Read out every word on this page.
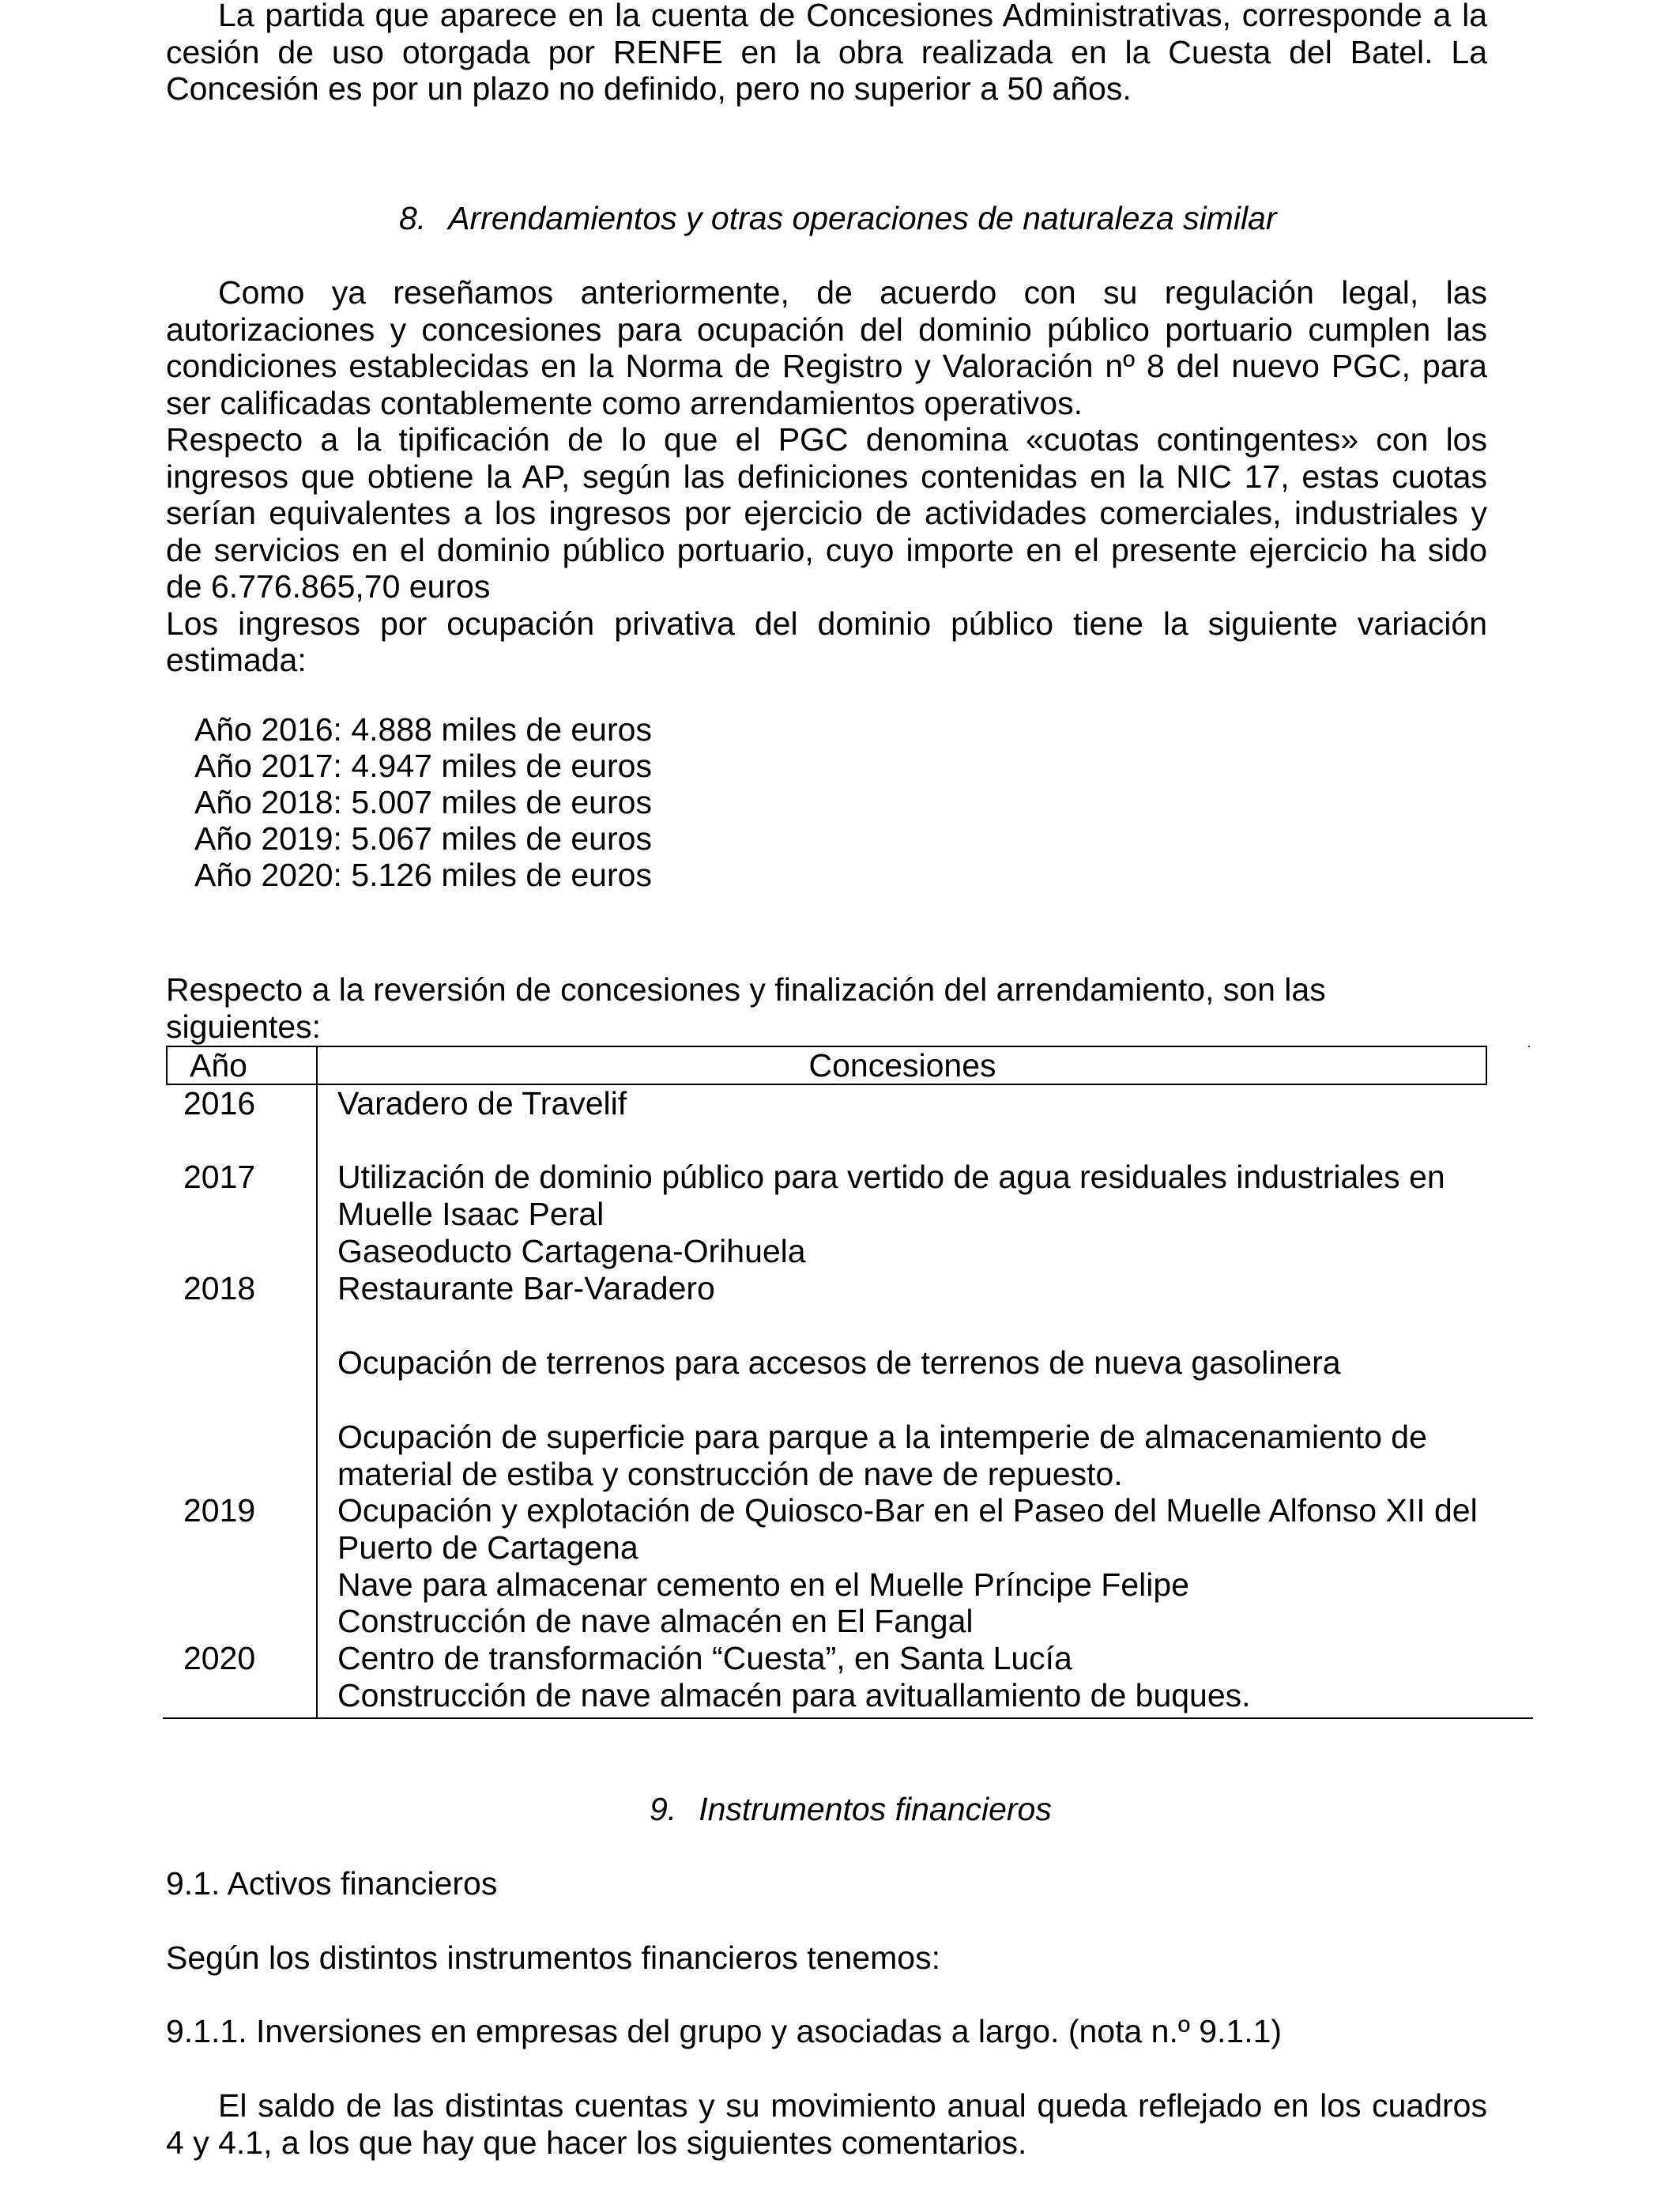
La partida que aparece en la cuenta de Concesiones Administrativas, corresponde a la

cesión de uso otorgada por RENFE en la obra realizada en la Cuesta del Batel. La

Concesión es por un plazo no definido, pero no superior a 50 años.

8. Arrendamientos y otras operaciones de naturaleza similar

Como ya reseñamos anteriormente, de acuerdo con su regulación legal, las autorizaciones y concesiones para ocupación del dominio público portuario cumplen las condiciones establecidas en la Norma de Registro y Valoración nº 8 del nuevo PGC, para ser calificadas contablemente como arrendamientos operativos.

Respecto a la tipificación de lo que el PGC denomina «cuotas contingentes» con los ingresos que obtiene la AP, según las definiciones contenidas en la NIC 17, estas cuotas serían equivalentes a los ingresos por ejercicio de actividades comerciales, industriales y de servicios en el dominio público portuario, cuyo importe en el presente ejercicio ha sido de 6.776.865,70 euros

Los ingresos por ocupación privativa del dominio público tiene la siguiente variación estimada:

Año 2016: 4.888 miles de euros
Año 2017: 4.947 miles de euros
Año 2018: 5.007 miles de euros
Año 2019: 5.067 miles de euros
Año 2020: 5.126 miles de euros

Respecto a la reversión de concesiones y finalización del arrendamiento, son las siguientes:

Año	Concesiones
2016
2017
2018
2019
2020
Varadero de Travelif
Utilización de dominio público para vertido de agua residuales industriales en
Muelle Isaac Peral
Gaseoducto Cartagena-Orihuela
Restaurante Bar-Varadero
Ocupación de terrenos para accesos de terrenos de nueva gasolinera
Ocupación de superficie para parque a la intemperie de almacenamiento de
material de estiba y construcción de nave de repuesto.
Ocupación y explotación de Quiosco-Bar en el Paseo del Muelle Alfonso XII del
Puerto de Cartagena
Nave para almacenar cemento en el Muelle Príncipe Felipe
Construcción de nave almacén en El Fangal
Centro de transformación “Cuesta”, en Santa Lucía
Construcción de nave almacén para avituallamiento de buques.
9. Instrumentos financieros

9.1. Activos financieros

Según los distintos instrumentos financieros tenemos:

9.1.1. Inversiones en empresas del grupo y asociadas a largo. (nota n.º 9.1.1)

El saldo de las distintas cuentas y su movimiento anual queda reflejado en los cuadros 4 y 4.1, a los que hay que hacer los siguientes comentarios.
